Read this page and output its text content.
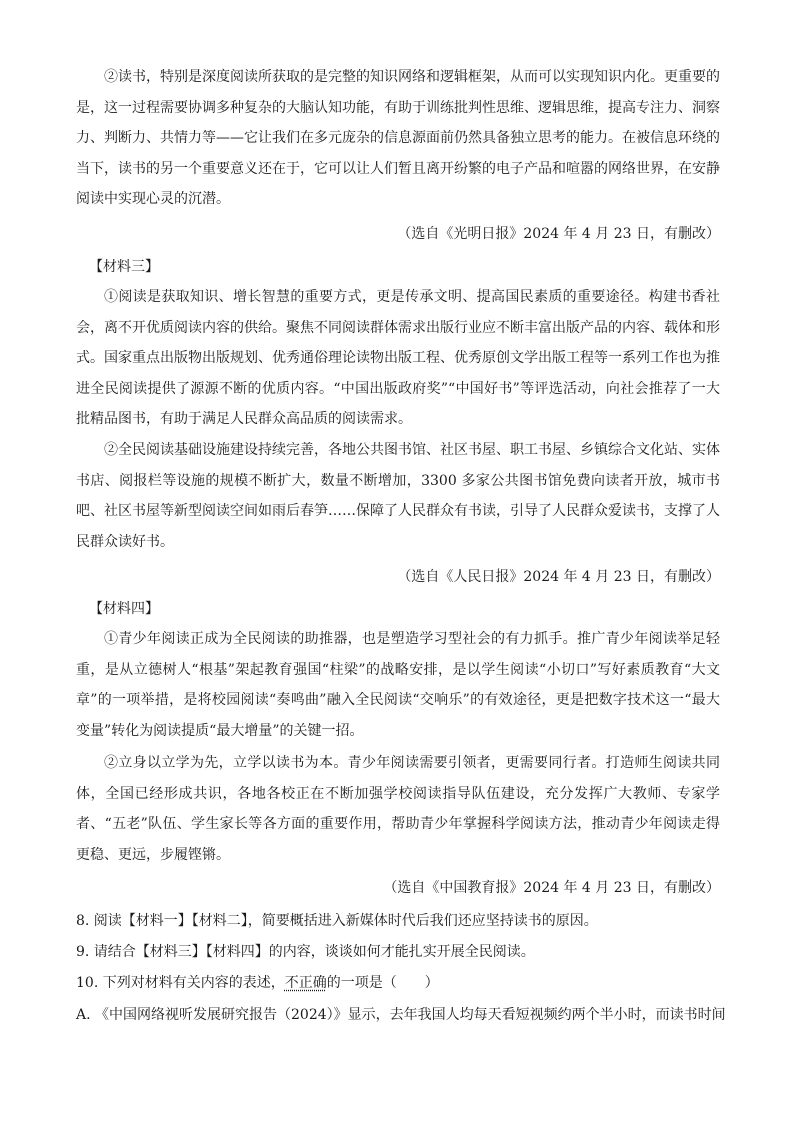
②读书，特别是深度阅读所获取的是完整的知识网络和逻辑框架，从而可以实现知识内化。更重要的是，这一过程需要协调多种复杂的大脑认知功能，有助于训练批判性思维、逻辑思维，提高专注力、洞察力、判断力、共情力等——它让我们在多元庞杂的信息源面前仍然具备独立思考的能力。在被信息环绕的当下，读书的另一个重要意义还在于，它可以让人们暂且离开纷繁的电子产品和喧嚣的网络世界，在安静阅读中实现心灵的沉潜。

（选自《光明日报》2024 年 4 月 23 日，有删改）

【材料三】

①阅读是获取知识、增长智慧的重要方式，更是传承文明、提高国民素质的重要途径。构建书香社会，离不开优质阅读内容的供给。聚焦不同阅读群体需求出版行业应不断丰富出版产品的内容、载体和形式。国家重点出版物出版规划、优秀通俗理论读物出版工程、优秀原创文学出版工程等一系列工作也为推进全民阅读提供了源源不断的优质内容。“中国出版政府奖”“中国好书”等评选活动，向社会推荐了一大批精品图书，有助于满足人民群众高品质的阅读需求。

②全民阅读基础设施建设持续完善，各地公共图书馆、社区书屋、职工书屋、乡镇综合文化站、实体书店、阅报栏等设施的规模不断扩大，数量不断增加，3300 多家公共图书馆免费向读者开放，城市书吧、社区书屋等新型阅读空间如雨后春笋……保障了人民群众有书读，引导了人民群众爱读书，支撑了人民群众读好书。

（选自《人民日报》2024 年 4 月 23 日，有删改）

【材料四】

①青少年阅读正成为全民阅读的助推器，也是塑造学习型社会的有力抓手。推广青少年阅读举足轻重，是从立德树人“根基”架起教育强国“柱梁”的战略安排，是以学生阅读“小切口”写好素质教育“大文章”的一项举措，是将校园阅读“奏鸣曲”融入全民阅读“交响乐”的有效途径，更是把数字技术这一“最大变量”转化为阅读提质“最大增量”的关键一招。

②立身以立学为先，立学以读书为本。青少年阅读需要引领者，更需要同行者。打造师生阅读共同体，全国已经形成共识，各地各校正在不断加强学校阅读指导队伍建设，充分发挥广大教师、专家学者、“五老”队伍、学生家长等各方面的重要作用，帮助青少年掌握科学阅读方法，推动青少年阅读走得更稳、更远，步履铿锵。

（选自《中国教育报》2024 年 4 月 23 日，有删改）

8. 阅读【材料一】【材料二】，简要概括进入新媒体时代后我们还应坚持读书的原因。

9. 请结合【材料三】【材料四】的内容，谈谈如何才能扎实开展全民阅读。

10. 下列对材料有关内容的表述，不正确的一项是（　　）

A. 《中国网络视听发展研究报告（2024）》显示，去年我国人均每天看短视频约两个半小时，而读书时间
